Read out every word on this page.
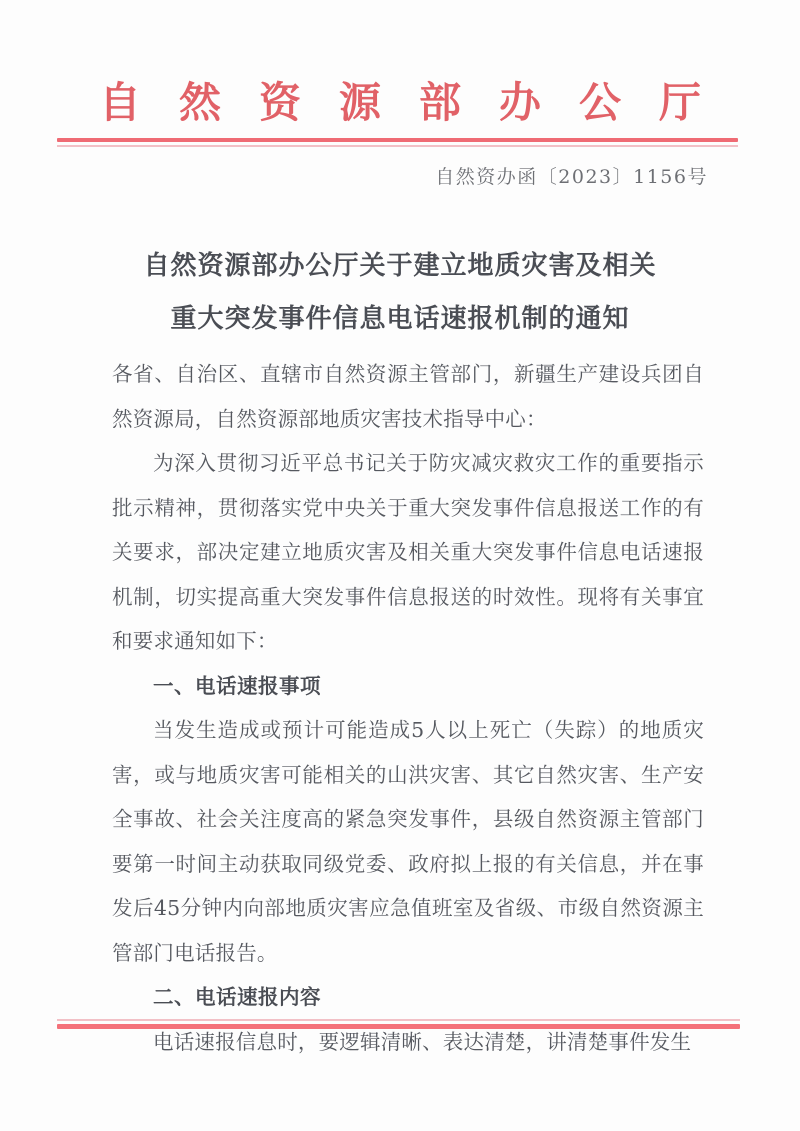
自然资源部办公厅
自然资办函〔2023〕1156号
自然资源部办公厅关于建立地质灾害及相关
重大突发事件信息电话速报机制的通知

各省、自治区、直辖市自然资源主管部门，新疆生产建设兵团自然资源局，自然资源部地质灾害技术指导中心：

为深入贯彻习近平总书记关于防灾减灾救灾工作的重要指示批示精神，贯彻落实党中央关于重大突发事件信息报送工作的有关要求，部决定建立地质灾害及相关重大突发事件信息电话速报机制，切实提高重大突发事件信息报送的时效性。现将有关事宜和要求通知如下：

一、电话速报事项

当发生造成或预计可能造成5人以上死亡（失踪）的地质灾害，或与地质灾害可能相关的山洪灾害、其它自然灾害、生产安全事故、社会关注度高的紧急突发事件，县级自然资源主管部门要第一时间主动获取同级党委、政府拟上报的有关信息，并在事发后45分钟内向部地质灾害应急值班室及省级、市级自然资源主管部门电话报告。

二、电话速报内容

电话速报信息时，要逻辑清晰、表达清楚，讲清楚事件发生
